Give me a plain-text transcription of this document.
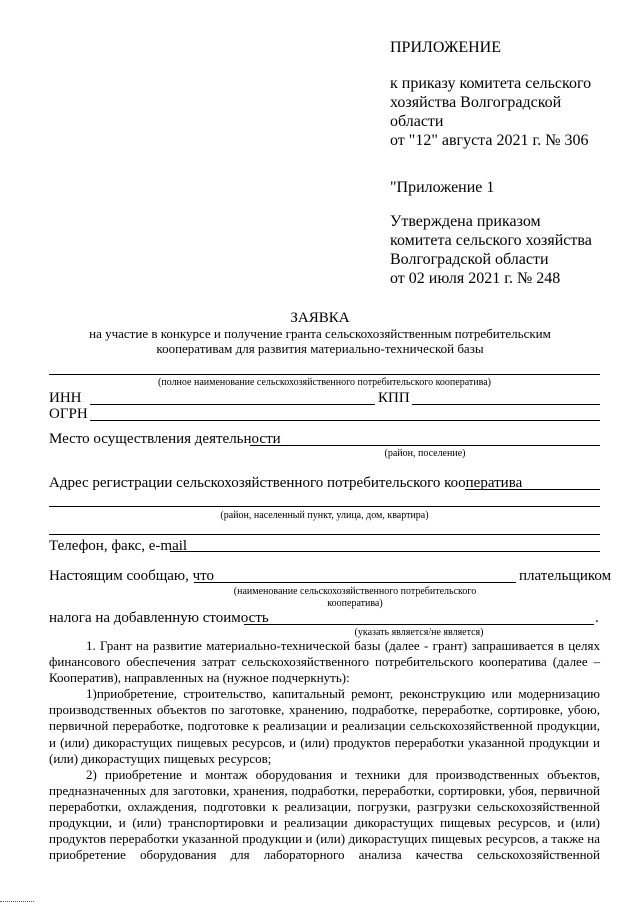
ПРИЛОЖЕНИЕ
к приказу комитета сельского
хозяйства Волгоградской
области
от "12" августа 2021 г. № 306
"Приложение 1
Утверждена приказом
комитета сельского хозяйства
Волгоградской области
от 02 июля 2021 г. № 248
ЗАЯВКА
на участие в конкурсе и получение гранта сельскохозяйственным потребительским
кооперативам для развития материально-технической базы
(полное наименование сельскохозяйственного потребительского кооператива)
ИНН	КПП
ОГРН
Место осуществления деятельности
(район, поселение)
Адрес регистрации сельскохозяйственного потребительского кооператива
(район, населенный пункт, улица, дом, квартира)
Телефон, факс, e-mail
Настоящим сообщаю, что	плательщиком
(наименование сельскохозяйственного потребительского
кооператива)
налога на добавленную стоимость	.
(указать является/не является)

1. Грант на развитие материально-технической базы (далее - грант) запрашивается в целях финансового обеспечения затрат сельскохозяйственного потребительского кооператива (далее – Кооператив), направленных на (нужное подчеркнуть):

1)приобретение, строительство, капитальный ремонт, реконструкцию или модернизацию производственных объектов по заготовке, хранению, подработке, переработке, сортировке, убою, первичной переработке, подготовке к реализации и реализации сельскохозяйственной продукции, и (или) дикорастущих пищевых ресурсов, и (или) продуктов переработки указанной продукции и (или) дикорастущих пищевых ресурсов;

2) приобретение и монтаж оборудования и техники для производственных объектов, предназначенных для заготовки, хранения, подработки, переработки, сортировки, убоя, первичной переработки, охлаждения, подготовки к реализации, погрузки, разгрузки сельскохозяйственной продукции, и (или) транспортировки и реализации дикорастущих пищевых ресурсов, и (или) продуктов переработки указанной продукции и (или) дикорастущих пищевых ресурсов, а также на приобретение оборудования для лабораторного анализа качества сельскохозяйственной
